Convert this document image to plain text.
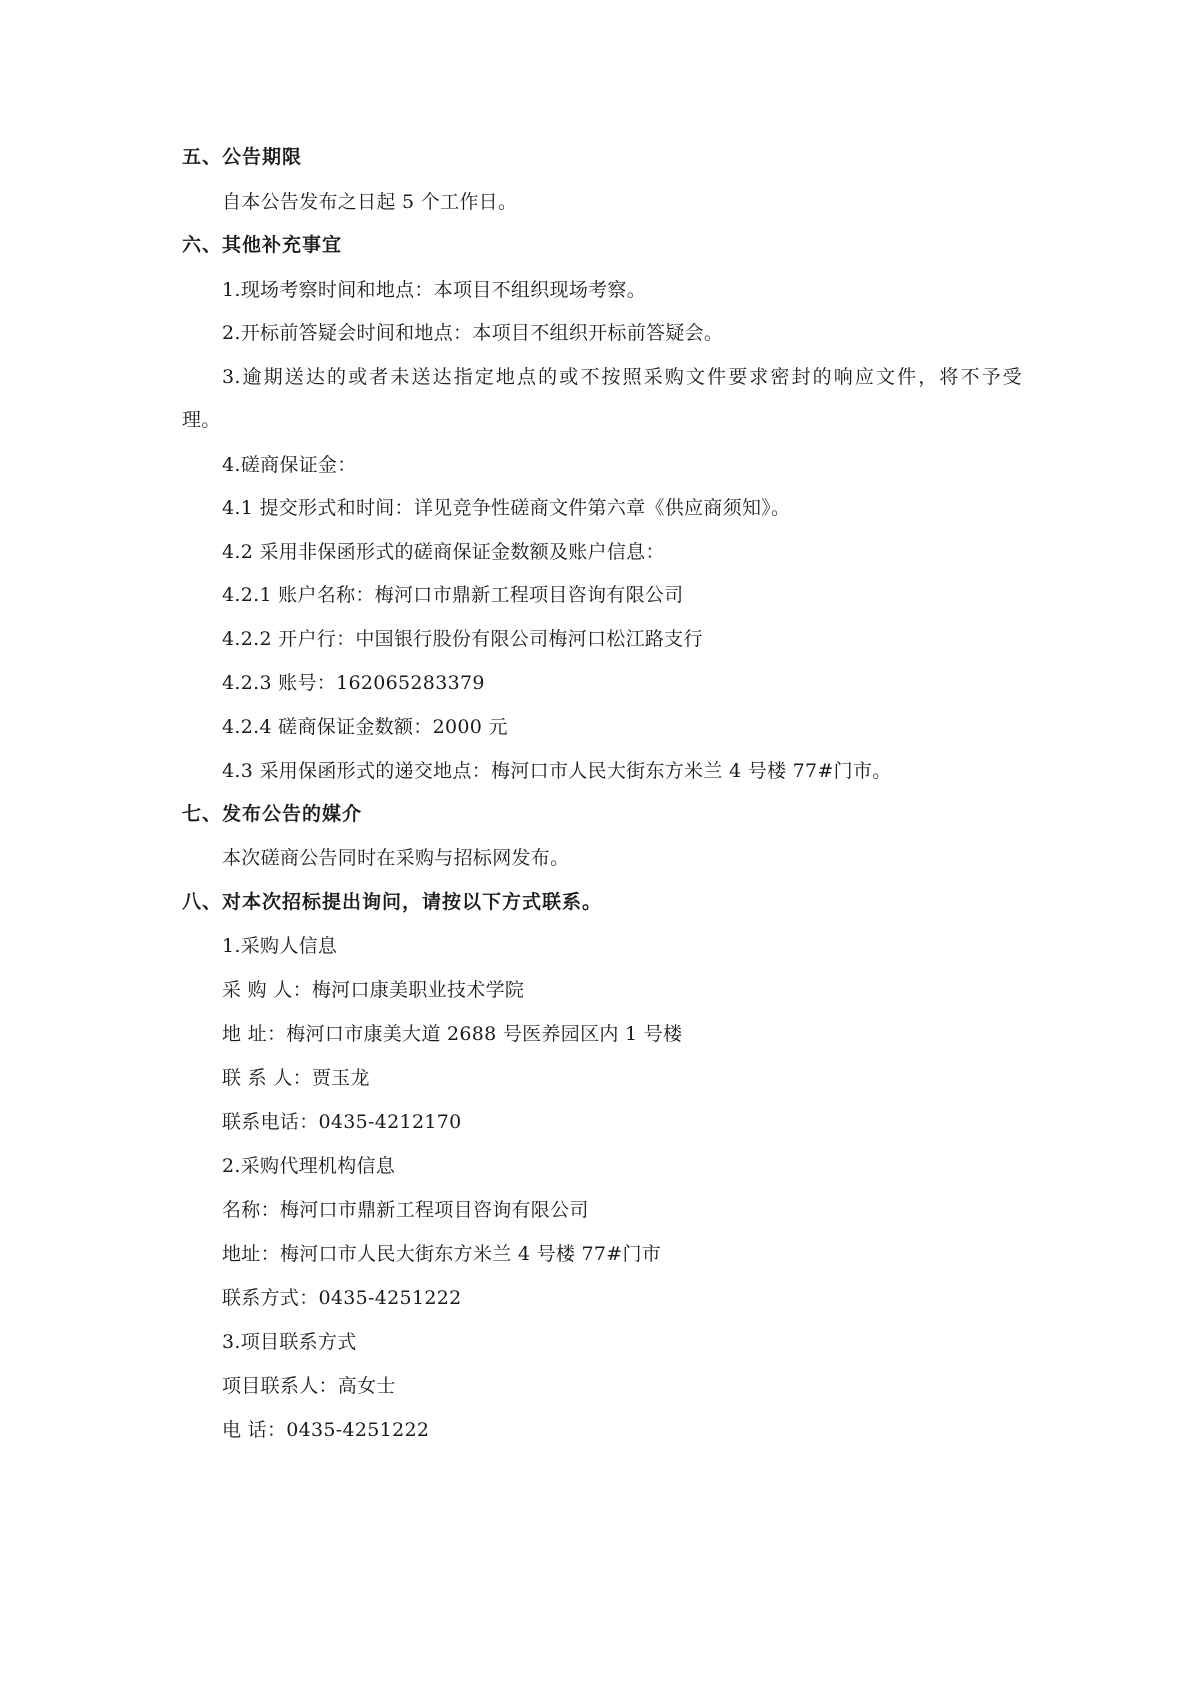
五、公告期限
自本公告发布之日起 5 个工作日。
六、其他补充事宜
1.现场考察时间和地点：本项目不组织现场考察。
2.开标前答疑会时间和地点：本项目不组织开标前答疑会。
3.逾期送达的或者未送达指定地点的或不按照采购文件要求密封的响应文件，将不予受
理。
4.磋商保证金：
4.1 提交形式和时间：详见竞争性磋商文件第六章《供应商须知》。
4.2 采用非保函形式的磋商保证金数额及账户信息：
4.2.1 账户名称：梅河口市鼎新工程项目咨询有限公司
4.2.2 开户行：中国银行股份有限公司梅河口松江路支行
4.2.3 账号：162065283379
4.2.4 磋商保证金数额：2000 元
4.3 采用保函形式的递交地点：梅河口市人民大街东方米兰 4 号楼 77#门市。
七、发布公告的媒介
本次磋商公告同时在采购与招标网发布。
八、对本次招标提出询问，请按以下方式联系。
1.采购人信息
采 购 人：梅河口康美职业技术学院
地 址：梅河口市康美大道 2688 号医养园区内 1 号楼
联 系 人：贾玉龙
联系电话：0435-4212170
2.采购代理机构信息
名称：梅河口市鼎新工程项目咨询有限公司
地址：梅河口市人民大街东方米兰 4 号楼 77#门市
联系方式：0435-4251222
3.项目联系方式
项目联系人：高女士
电 话：0435-4251222
